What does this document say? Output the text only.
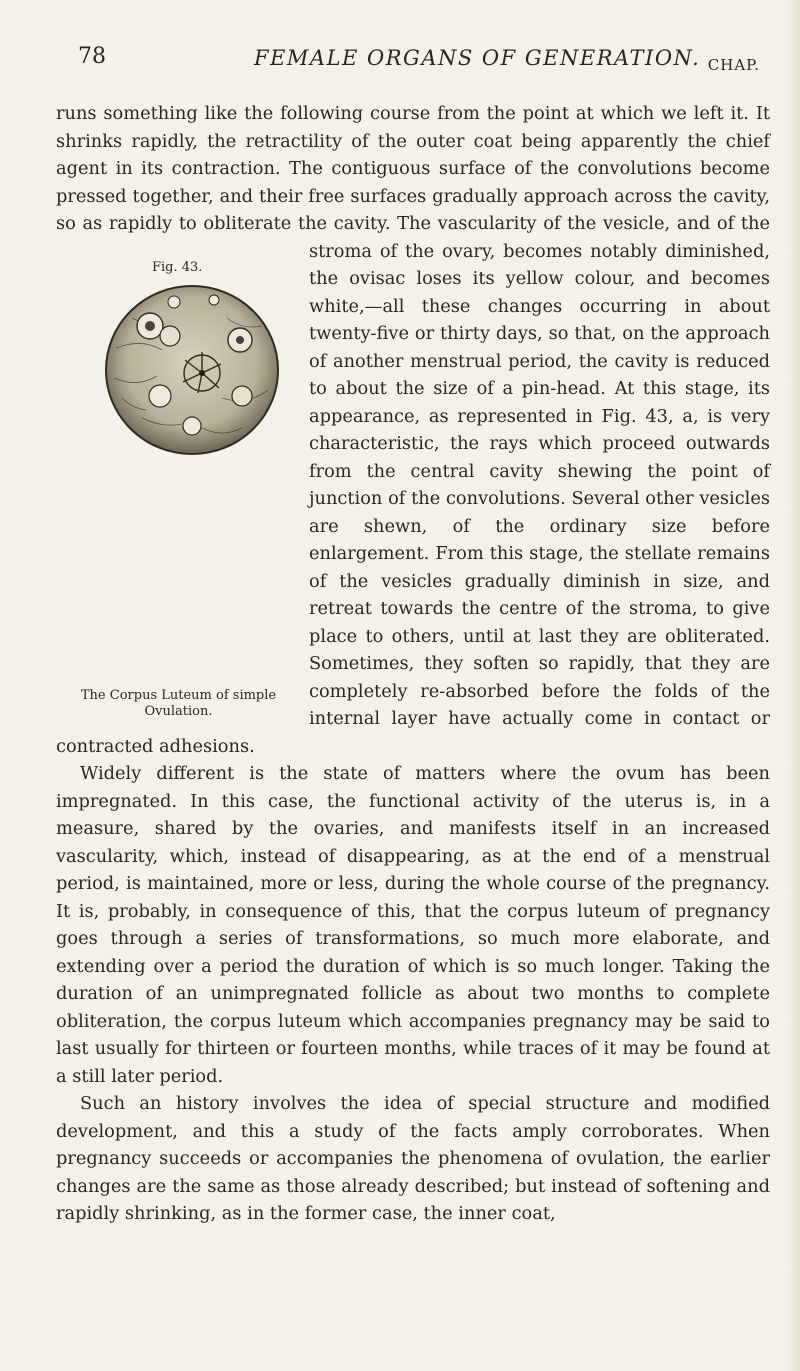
78	FEMALE ORGANS OF GENERATION. CHAP.

Fig. 43.
The Corpus Luteum of simple Ovulation.
runs something like the following course from the point at which we left it. It shrinks rapidly, the retractility of the outer coat being apparently the chief agent in its contraction. The contiguous surface of the convolutions become pressed together, and their free surfaces gradually approach across the cavity, so as rapidly to obliterate the cavity. The vascularity of the vesicle, and of the stroma of the ovary, becomes notably diminished, the ovisac loses its yellow colour, and becomes white,—all these changes occurring in about twenty-five or thirty days, so that, on the approach of another menstrual period, the cavity is reduced to about the size of a pin-head. At this stage, its appearance, as represented in Fig. 43, a, is very characteristic, the rays which proceed outwards from the central cavity shewing the point of junction of the convolutions. Several other vesicles are shewn, of the ordinary size before enlargement. From this stage, the stellate remains of the vesicles gradually diminish in size, and retreat towards the centre of the stroma, to give place to others, until at last they are obliterated. Sometimes, they soften so rapidly, that they are completely re-absorbed before the folds of the internal layer have actually come in contact or contracted adhesions.

Widely different is the state of matters where the ovum has been impregnated. In this case, the functional activity of the uterus is, in a measure, shared by the ovaries, and manifests itself in an increased vascularity, which, instead of disappearing, as at the end of a menstrual period, is maintained, more or less, during the whole course of the pregnancy. It is, probably, in consequence of this, that the corpus luteum of pregnancy goes through a series of transformations, so much more elaborate, and extending over a period the duration of which is so much longer. Taking the duration of an unimpregnated follicle as about two months to complete obliteration, the corpus luteum which accompanies pregnancy may be said to last usually for thirteen or fourteen months, while traces of it may be found at a still later period.

Such an history involves the idea of special structure and modified development, and this a study of the facts amply corroborates. When pregnancy succeeds or accompanies the phenomena of ovulation, the earlier changes are the same as those already described; but instead of softening and rapidly shrinking, as in the former case, the inner coat,
